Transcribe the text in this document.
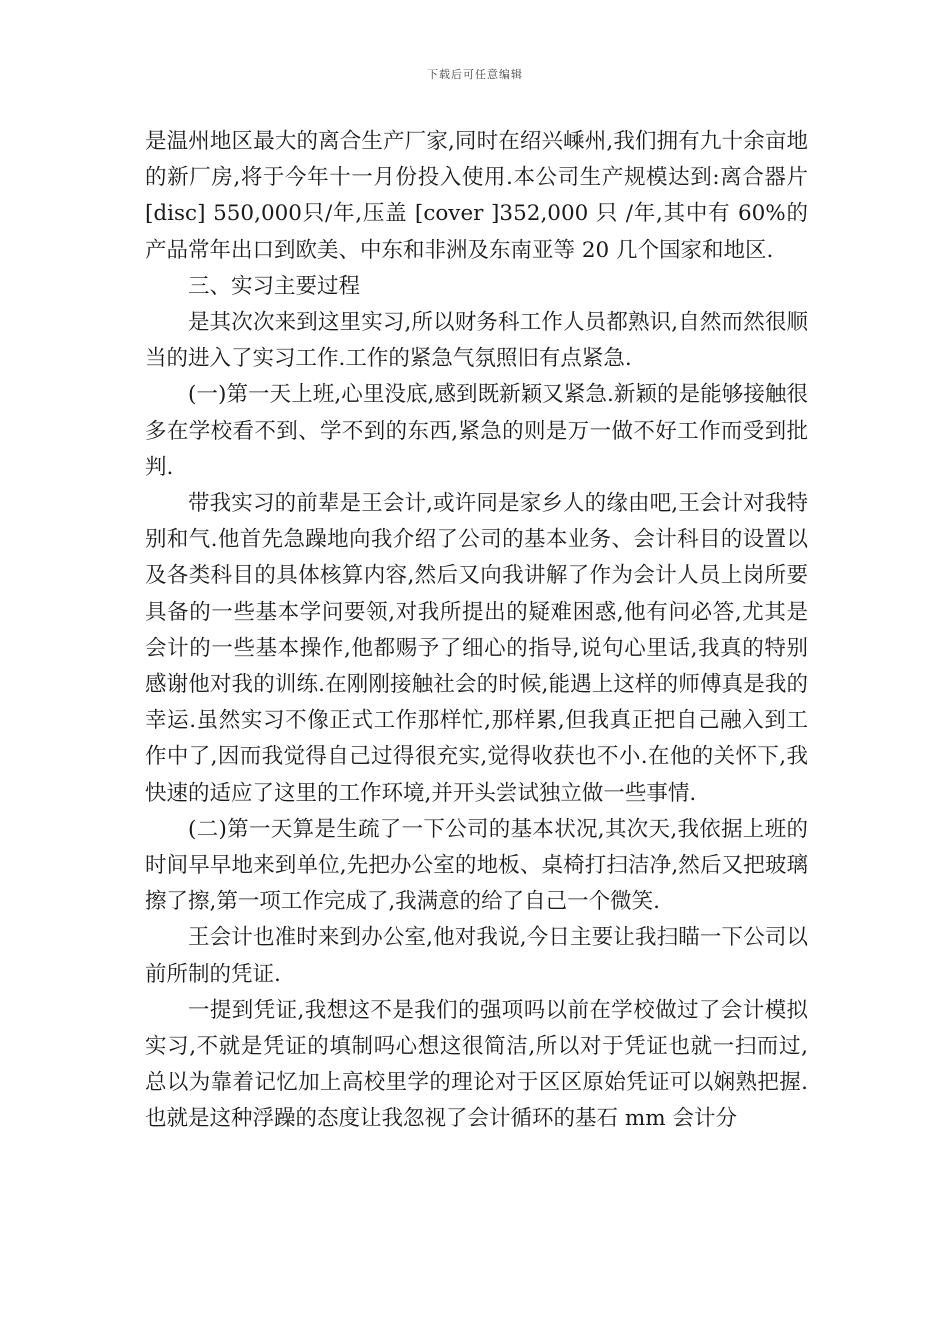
下载后可任意编辑

是温州地区最大的离合生产厂家,同时在绍兴嵊州,我们拥有九十余亩地的新厂房,将于今年十一月份投入使用.本公司生产规模达到:离合器片[disc] 550,000只/年,压盖 [cover ]352,000 只 /年,其中有 60%的产品常年出口到欧美、中东和非洲及东南亚等 20 几个国家和地区.

三、实习主要过程

是其次次来到这里实习,所以财务科工作人员都熟识,自然而然很顺当的进入了实习工作.工作的紧急气氛照旧有点紧急.

(一)第一天上班,心里没底,感到既新颖又紧急.新颖的是能够接触很多在学校看不到、学不到的东西,紧急的则是万一做不好工作而受到批判.

带我实习的前辈是王会计,或许同是家乡人的缘由吧,王会计对我特别和气.他首先急躁地向我介绍了公司的基本业务、会计科目的设置以及各类科目的具体核算内容,然后又向我讲解了作为会计人员上岗所要具备的一些基本学问要领,对我所提出的疑难困惑,他有问必答,尤其是会计的一些基本操作,他都赐予了细心的指导,说句心里话,我真的特别感谢他对我的训练.在刚刚接触社会的时候,能遇上这样的师傅真是我的幸运.虽然实习不像正式工作那样忙,那样累,但我真正把自己融入到工作中了,因而我觉得自己过得很充实,觉得收获也不小.在他的关怀下,我快速的适应了这里的工作环境,并开头尝试独立做一些事情.

(二)第一天算是生疏了一下公司的基本状况,其次天,我依据上班的时间早早地来到单位,先把办公室的地板、桌椅打扫洁净,然后又把玻璃擦了擦,第一项工作完成了,我满意的给了自己一个微笑.

王会计也准时来到办公室,他对我说,今日主要让我扫瞄一下公司以前所制的凭证.

一提到凭证,我想这不是我们的强项吗以前在学校做过了会计模拟实习,不就是凭证的填制吗心想这很简洁,所以对于凭证也就一扫而过,总以为靠着记忆加上高校里学的理论对于区区原始凭证可以娴熟把握.也就是这种浮躁的态度让我忽视了会计循环的基石 mm 会计分
